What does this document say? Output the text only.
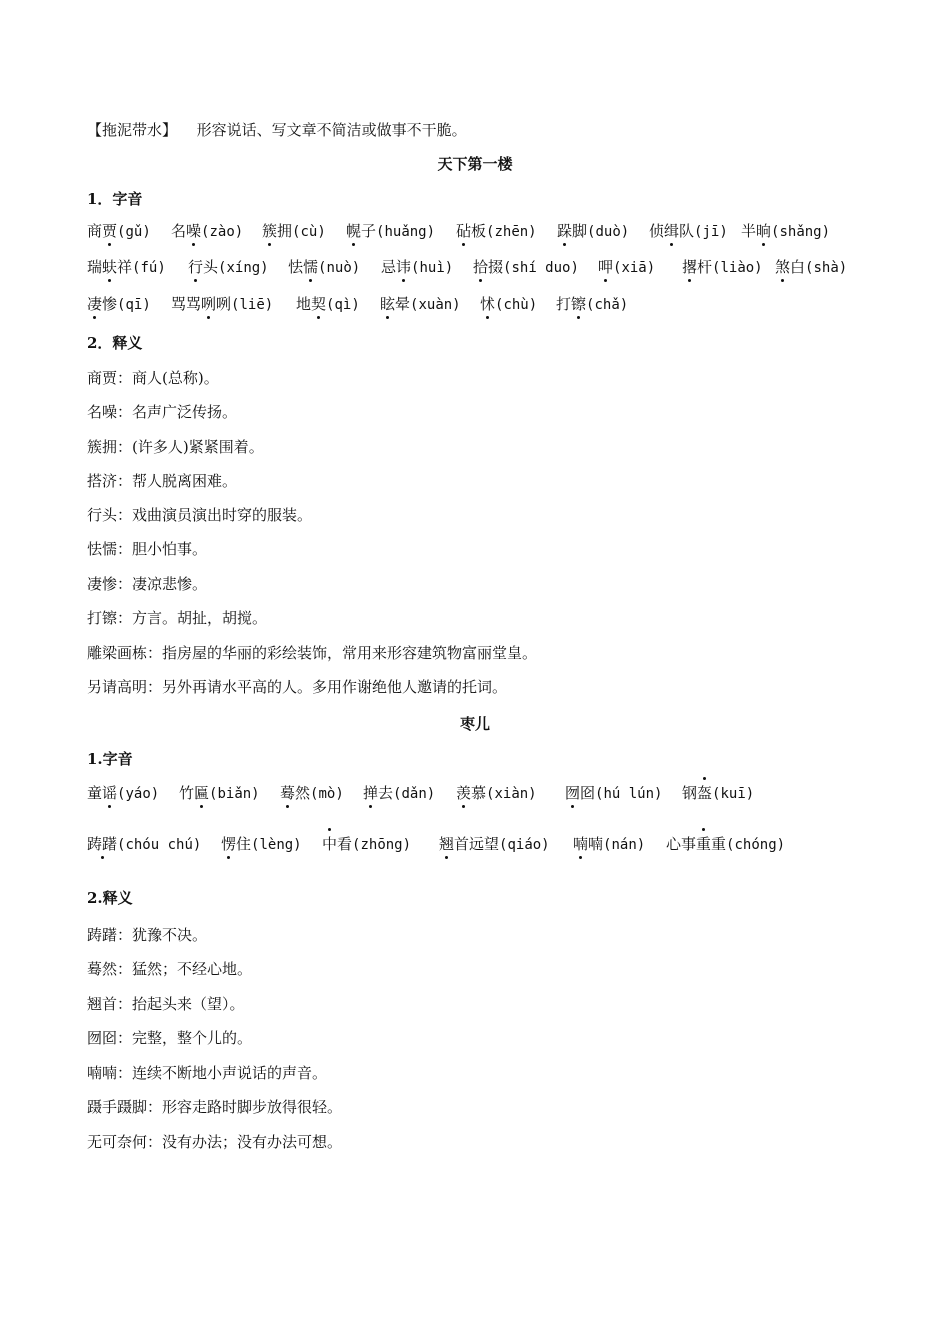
【拖泥带水】 形容说话、写文章不简洁或做事不干脆。
天下第一楼
1．字音
商贾(gǔ) 名噪(zào) 簇拥(cù) 幌子(huǎng) 砧板(zhēn) 跺脚(duò) 侦缉队(jī) 半晌(shǎng)
瑞蚨祥(fú) 行头(xíng) 怯懦(nuò) 忌讳(huì) 拾掇(shí duo) 呷(xiā) 撂杆(liào) 煞白(shà)
凄惨(qī) 骂骂咧咧(liē) 地契(qì) 眩晕(xuàn) 怵(chù) 打镲(chǎ)
2．释义
商贾：商人(总称)。
名噪：名声广泛传扬。
簇拥：(许多人)紧紧围着。
搭济：帮人脱离困难。
行头：戏曲演员演出时穿的服装。
怯懦：胆小怕事。
凄惨：凄凉悲惨。
打镲：方言。胡扯，胡搅。
雕梁画栋：指房屋的华丽的彩绘装饰，常用来形容建筑物富丽堂皇。
另请高明：另外再请水平高的人。多用作谢绝他人邀请的托词。
枣儿
1.字音
童谣(yáo) 竹匾(biǎn) 蓦然(mò) 掸去(dǎn) 羡慕(xiàn) 囫囵(hú lún) 钢盔(kuī)
踌躇(chóu chú) 愣住(lèng) 中看(zhōng) 翘首远望(qiáo) 喃喃(nán) 心事重重(chóng)
2.释义
踌躇：犹豫不决。
蓦然：猛然；不经心地。
翘首：抬起头来（望）。
囫囵：完整，整个儿的。
喃喃：连续不断地小声说话的声音。
蹑手蹑脚：形容走路时脚步放得很轻。
无可奈何：没有办法；没有办法可想。
